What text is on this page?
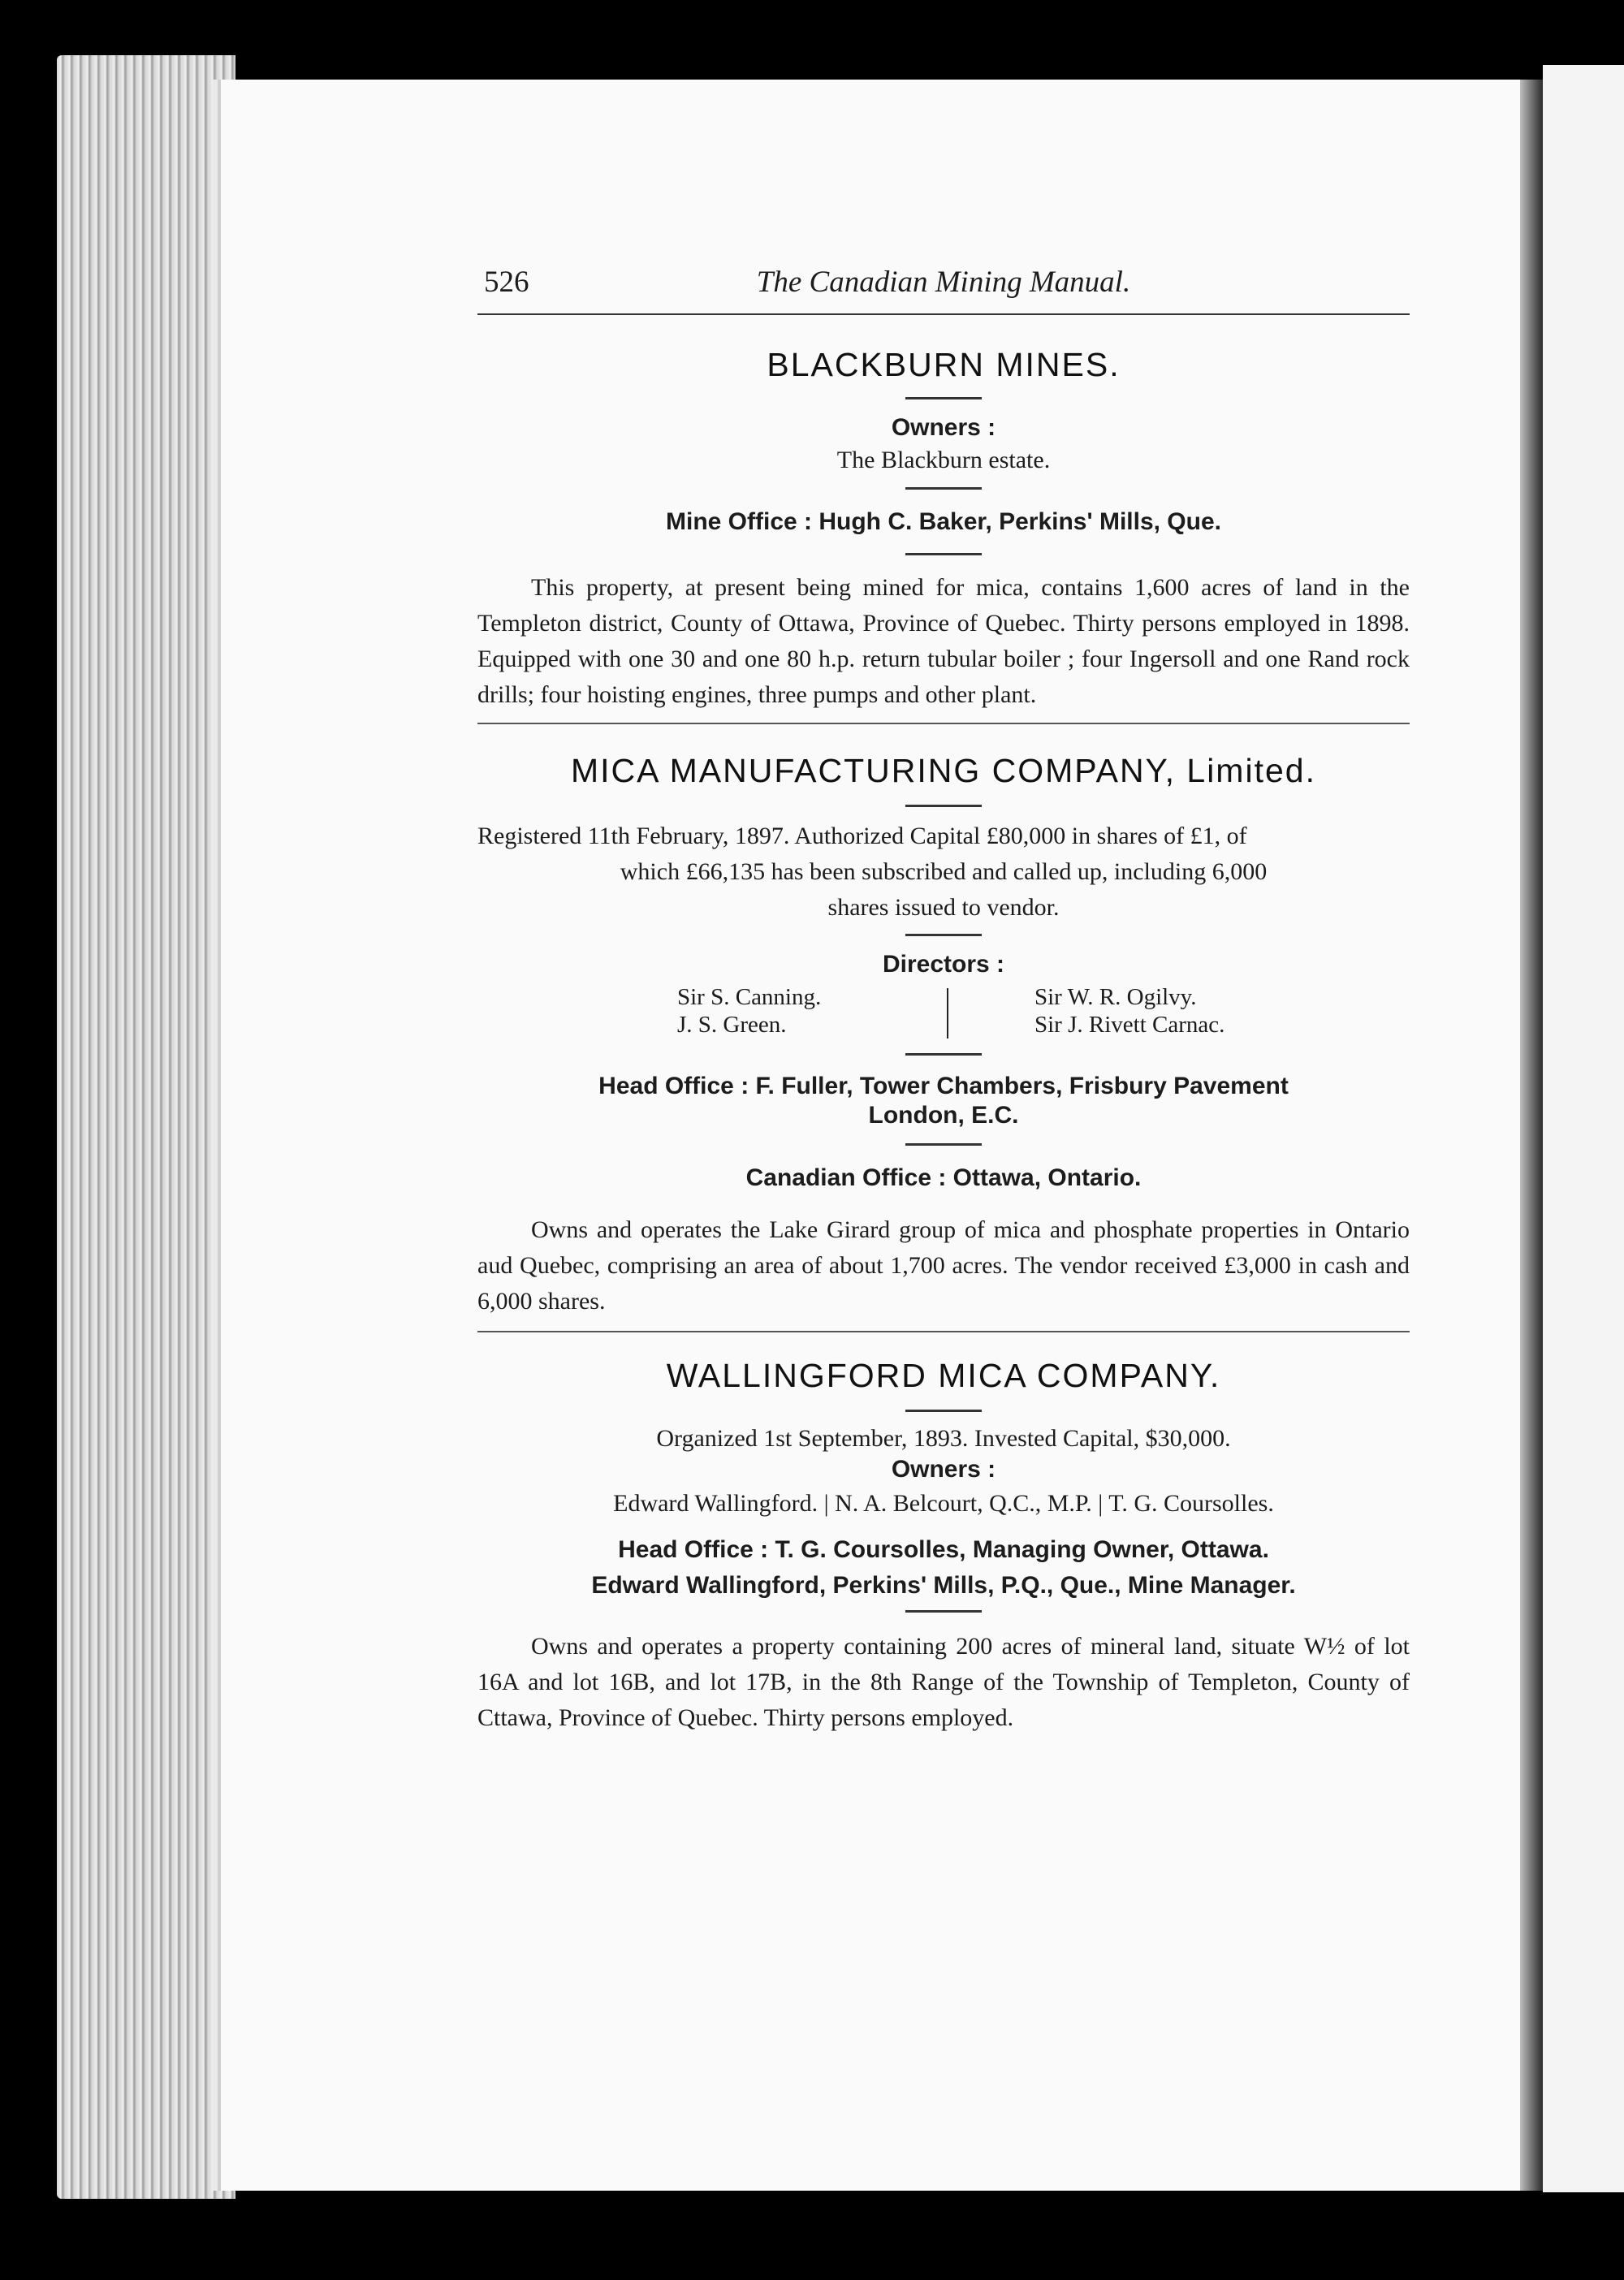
526	The Canadian Mining Manual.
BLACKBURN MINES.
Owners :
The Blackburn estate.
Mine Office : Hugh C. Baker, Perkins' Mills, Que.
This property, at present being mined for mica, contains 1,600 acres of land in the Templeton district, County of Ottawa, Province of Quebec. Thirty persons employed in 1898. Equipped with one 30 and one 80 h.p. return tubular boiler ; four Ingersoll and one Rand rock drills; four hoisting engines, three pumps and other plant.
MICA MANUFACTURING COMPANY, Limited.
Registered 11th February, 1897. Authorized Capital £80,000 in shares of £1, of
which £66,135 has been subscribed and called up, including 6,000
shares issued to vendor.
Directors :
Sir S. Canning.
J. S. Green.
Sir W. R. Ogilvy.
Sir J. Rivett Carnac.
Head Office : F. Fuller, Tower Chambers, Frisbury Pavement
London, E.C.
Canadian Office : Ottawa, Ontario.
Owns and operates the Lake Girard group of mica and phosphate properties in Ontario aud Quebec, comprising an area of about 1,700 acres. The vendor received £3,000 in cash and 6,000 shares.
WALLINGFORD MICA COMPANY.
Organized 1st September, 1893. Invested Capital, $30,000.
Owners :
Edward Wallingford. | N. A. Belcourt, Q.C., M.P. | T. G. Coursolles.
Head Office : T. G. Coursolles, Managing Owner, Ottawa.
Edward Wallingford, Perkins' Mills, P.Q., Que., Mine Manager.
Owns and operates a property containing 200 acres of mineral land, situate W½ of lot 16A and lot 16B, and lot 17B, in the 8th Range of the Township of Templeton, County of Cttawa, Province of Quebec. Thirty persons employed.
